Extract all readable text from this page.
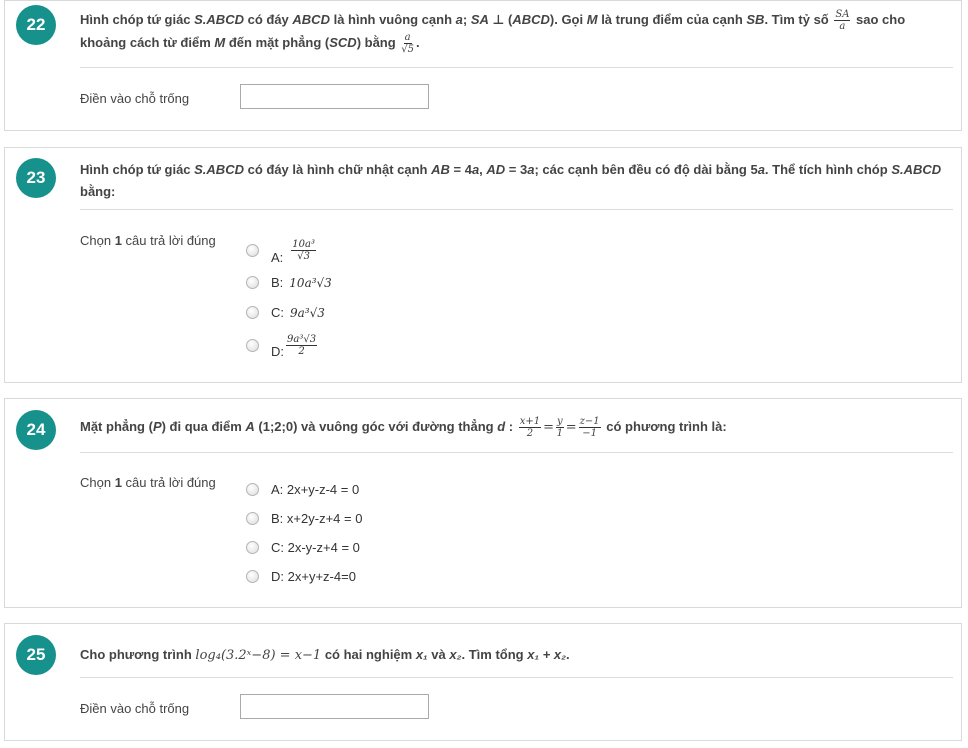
22	Hình chóp tứ giác S.ABCD có đáy ABCD là hình vuông cạnh a; SA ⊥ (ABCD). Gọi M là trung điểm của cạnh SB. Tìm tỷ số $\frac{SA}{a}$ sao cho khoảng cách từ điểm M đến mặt phẳng (SCD) bằng $\frac{a}{√5}$ .
Điền vào chỗ trống
23	Hình chóp tứ giác S.ABCD có đáy là hình chữ nhật cạnh AB = 4a, AD = 3a; các cạnh bên đều có độ dài bằng 5a. Thể tích hình chóp S.ABCD bằng:
Chọn 1 câu trả lời đúng
A: $\frac{\text{10a³}}{√3}$
B: 10a³√3
C: 9a³√3
D: $\frac{\text{9a³√3}}{2}$
24	Mặt phẳng (P) đi qua điểm A (1;2;0) và vuông góc với đường thẳng d : $\frac{x+1}{2} = \frac{y}{1} = \frac{z-1}{-1}$ có phương trình là:
Chọn 1 câu trả lời đúng	A: 2x+y-z-4 = 0
B: x+2y-z+4 = 0
C: 2x-y-z+4 = 0
D: 2x+y+z-4=0
25	Cho phương trình log₄(3.2ˣ−8) = x−1 có hai nghiệm x₁ và x₂. Tìm tổng x₁ + x₂.
Điền vào chỗ trống
